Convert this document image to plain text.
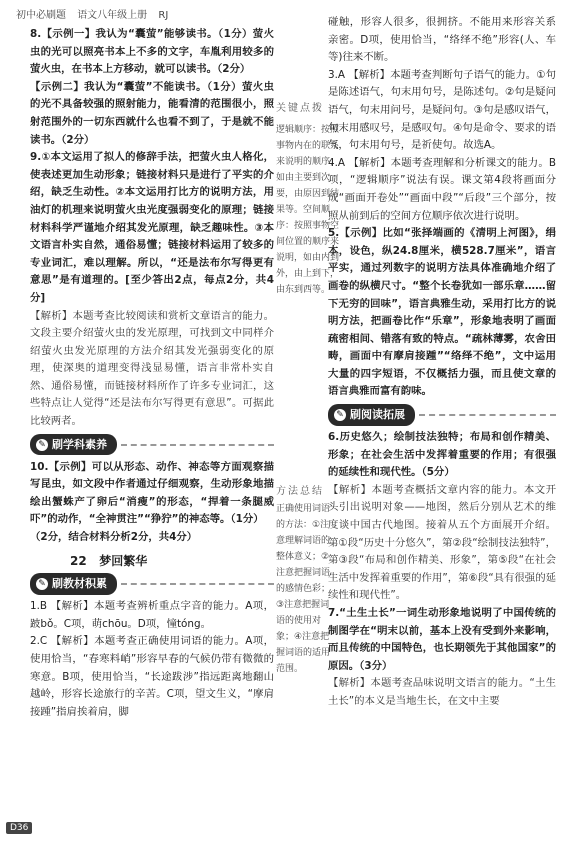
初中必刷题 语文八年级上册 RJ

8.【示例一】我认为“囊萤”能够读书。（1分）萤火虫的光可以照亮书本上不多的文字，车胤利用较多的萤火虫，在书本上方移动，就可以读书。（2分）

【示例二】我认为“囊萤”不能读书。（1分）萤火虫的光不具备较强的照射能力，能看清的范围很小，照射范围外的一切东西就什么也看不到了，于是就不能读书。（2分）

9.①本文运用了拟人的修辞手法，把萤火虫人格化，使表述更加生动形象；链接材料只是进行了平实的介绍，缺乏生动性。②本文运用打比方的说明方法，用油灯的机理来说明萤火虫光度强弱变化的原理；链接材料科学严谨地介绍其发光原理，缺乏趣味性。③本文语言朴实自然，通俗易懂；链接材料运用了较多的专业词汇，难以理解。所以，“还是法布尔写得更有意思”是有道理的。[至少答出2点，每点2分，共4分]

【解析】本题考查比较阅读和赏析文章语言的能力。文段主要介绍萤火虫的发光原理，可找到文中同样介绍萤火虫发光原理的方法介绍其发光强弱变化的原理，使深奥的道理变得浅显易懂，语言非常朴实自然、通俗易懂，而链接材料所作了许多专业词汇，这些特点让人觉得“还是法布尔写得更有意思”。可据此比较两者。

✎ 刷学科素养

10.【示例】可以从形态、动作、神态等方面观察描写昆虫，如文段中作者通过仔细观察，生动形象地描绘出蟹蛛产了卵后“消瘦”的形态，“捍着一条腿威吓”的动作，“全神贯注”“狰狞”的神态等。（1分）

（2分，结合材料分析2分，共4分）

22 梦回繁华
✎ 刷教材积累

1.B 【解析】本题考查辨析重点字音的能力。A项，跛bǒ。C项，萌chōu。D项，憧tóng。

2.C 【解析】本题考查正确使用词语的能力。A项，使用恰当，“春寒料峭”形容早春的气候仍带有微微的寒意。B项，使用恰当，“长途跋涉”指远距离地翻山越岭，形容长途旅行的辛苦。C项，望文生义，“摩肩接踵”指肩挨着肩，脚

关键点拨
逻辑顺序：按照事物内在的联系来说明的顺序，如由主要到次要，由原因到结果等。空间顺序：按照事物空间位置的顺序来说明，如由内到外，由上到下，由东到西等。
方法总结
正确使用词语的方法：①注意理解词语的整体意义；②注意把握词语的感情色彩；③注意把握词语的使用对象；④注意把握词语的适用范围。

碰触，形容人很多，很拥挤。不能用来形容关系亲密。D项，使用恰当，“络绎不绝”形容(人、车等)往来不断。

3.A 【解析】本题考查判断句子语气的能力。①句是陈述语气，句末用句号，是陈述句。②句是疑问语气，句末用问号，是疑问句。③句是感叹语气，句末用感叹号，是感叹句。④句是命令、要求的语气，句末用句号，是祈使句。故选A。

4.A 【解析】本题考查理解和分析课文的能力。B项，“逻辑顺序”说法有误。课文第4段将画面分成“画面开卷处”“画面中段”“后段”三个部分，按照从前到后的空间方位顺序依次进行说明。

5.【示例】比如“张择端画的《清明上河图》，绢本，设色，纵24.8厘米，横528.7厘米”，语言平实，通过列数字的说明方法具体准确地介绍了画卷的纵横尺寸。“整个长卷犹如一部乐章……留下无穷的回味”，语言典雅生动，采用打比方的说明方法，把画卷比作“乐章”，形象地表明了画面疏密相间、错落有致的特点。“疏林薄雾，农舍田畴，画面中有摩肩接踵”“络绎不绝”，文中运用大量的四字短语，不仅概括力强，而且使文章的语言典雅而富有韵味。

✎ 刷阅读拓展

6.历史悠久；绘制技法独特；布局和创作精美、形象；在社会生活中发挥着重要的作用；有很强的延续性和现代性。（5分）

【解析】本题考查概括文章内容的能力。本文开头引出说明对象——地图，然后分别从艺术的维度谈中国古代地图。接着从五个方面展开介绍。第①段“历史十分悠久”，第②段“绘制技法独特”，第③段“布局和创作精美、形象”，第⑤段“在社会生活中发挥着重要的作用”，第⑥段“具有很强的延续性和现代性”。

7.“土生土长”一词生动形象地说明了中国传统的制图学在“明末以前，基本上没有受到外来影响，而且传统的中国特色，也长期领先于其他国家”的原因。（3分）

【解析】本题考查品味说明文语言的能力。“土生土长”的本义是当地生长，在文中主要

D36
